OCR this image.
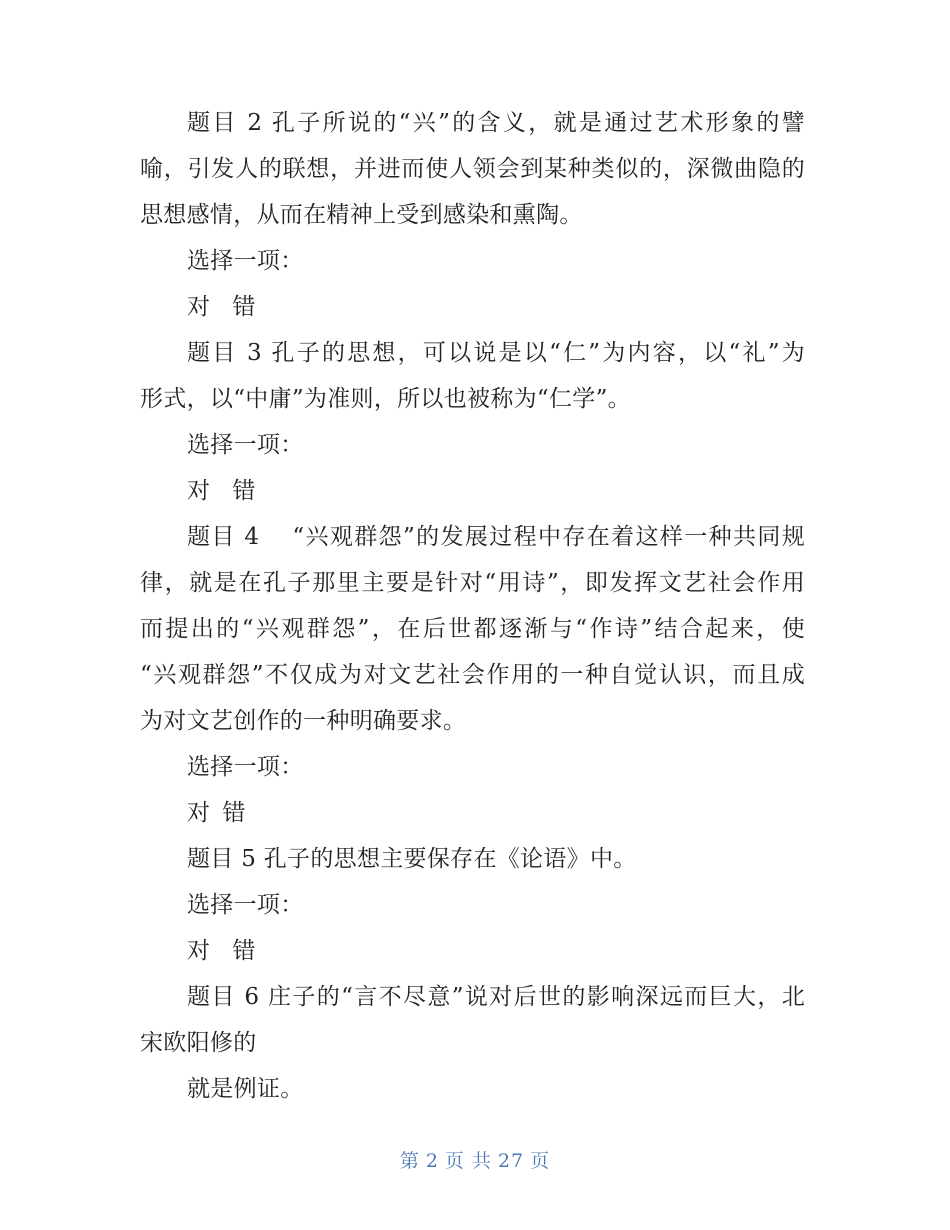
题目 2 孔子所说的“兴”的含义，就是通过艺术形象的譬
喻，引发人的联想，并进而使人领会到某种类似的，深微曲隐的
思想感情，从而在精神上受到感染和熏陶。
选择一项：
对 错
题目 3 孔子的思想，可以说是以“仁”为内容，以“礼”为
形式，以“中庸”为准则，所以也被称为“仁学”。
选择一项：
对 错
题目 4 　“兴观群怨”的发展过程中存在着这样一种共同规
律，就是在孔子那里主要是针对“用诗”，即发挥文艺社会作用
而提出的“兴观群怨”，在后世都逐渐与“作诗”结合起来，使
“兴观群怨”不仅成为对文艺社会作用的一种自觉认识，而且成
为对文艺创作的一种明确要求。
选择一项：
对 错
题目 5 孔子的思想主要保存在《论语》中。
选择一项：
对 错
题目 6 庄子的“言不尽意”说对后世的影响深远而巨大，北
宋欧阳修的
就是例证。
第 2 页 共 27 页
